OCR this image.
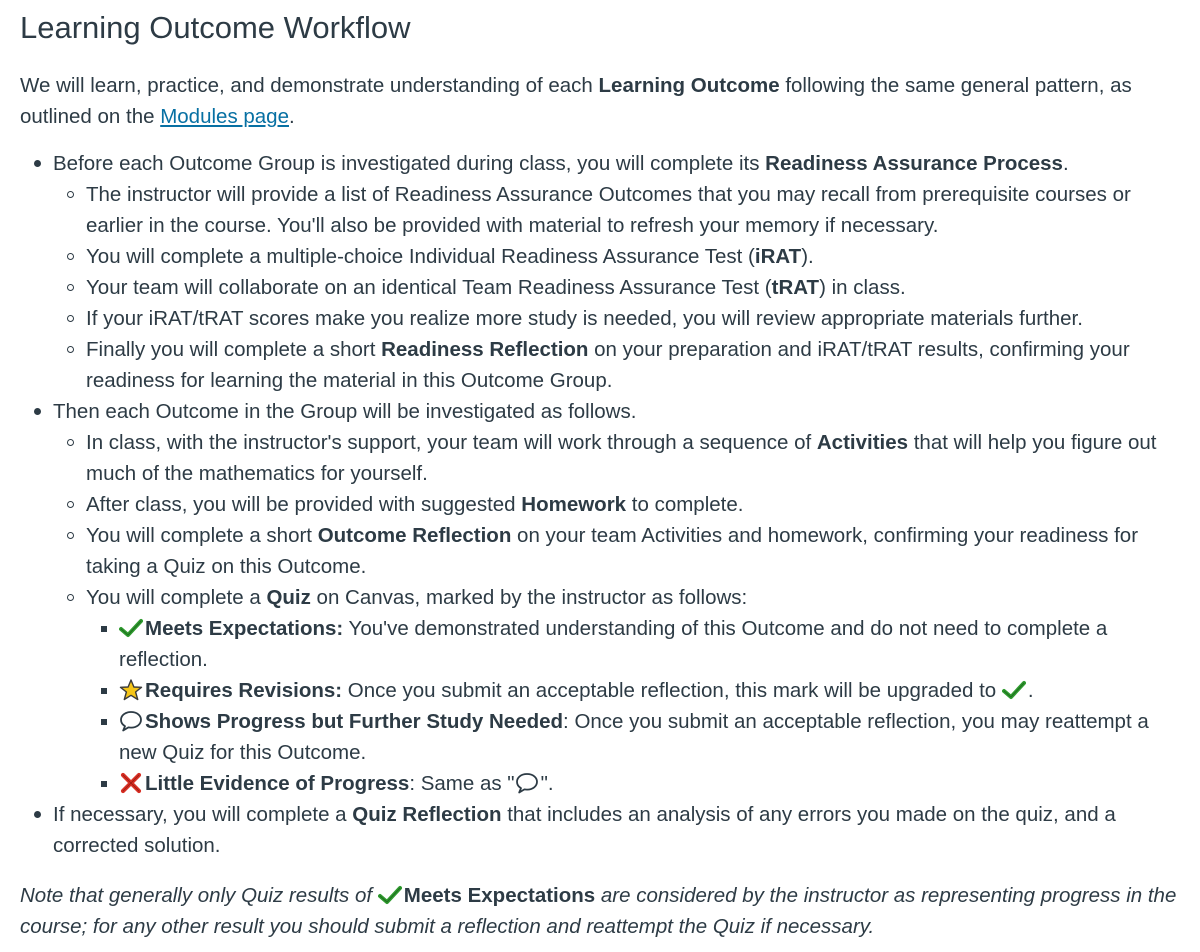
Learning Outcome Workflow

We will learn, practice, and demonstrate understanding of each Learning Outcome following the same general pattern, as outlined on the Modules page.

Before each Outcome Group is investigated during class, you will complete its Readiness Assurance Process.
The instructor will provide a list of Readiness Assurance Outcomes that you may recall from prerequisite courses or earlier in the course. You'll also be provided with material to refresh your memory if necessary.
You will complete a multiple-choice Individual Readiness Assurance Test (iRAT).
Your team will collaborate on an identical Team Readiness Assurance Test (tRAT) in class.
If your iRAT/tRAT scores make you realize more study is needed, you will review appropriate materials further.
Finally you will complete a short Readiness Reflection on your preparation and iRAT/tRAT results, confirming your readiness for learning the material in this Outcome Group.
Then each Outcome in the Group will be investigated as follows.
In class, with the instructor's support, your team will work through a sequence of Activities that will help you figure out much of the mathematics for yourself.
After class, you will be provided with suggested Homework to complete.
You will complete a short Outcome Reflection on your team Activities and homework, confirming your readiness for taking a Quiz on this Outcome.
You will complete a Quiz on Canvas, marked by the instructor as follows:
Meets Expectations: You've demonstrated understanding of this Outcome and do not need to complete a reflection.
Requires Revisions: Once you submit an acceptable reflection, this mark will be upgraded to
.
Shows Progress but Further Study Needed: Once you submit an acceptable reflection, you may reattempt a new Quiz for this Outcome.
Little Evidence of Progress: Same as " ".
If necessary, you will complete a Quiz Reflection that includes an analysis of any errors you made on the quiz, and a corrected solution.

Note that generally only Quiz results of
Meets Expectations are considered by the instructor as representing progress in the course; for any other result you should submit a reflection and reattempt the Quiz if necessary.
